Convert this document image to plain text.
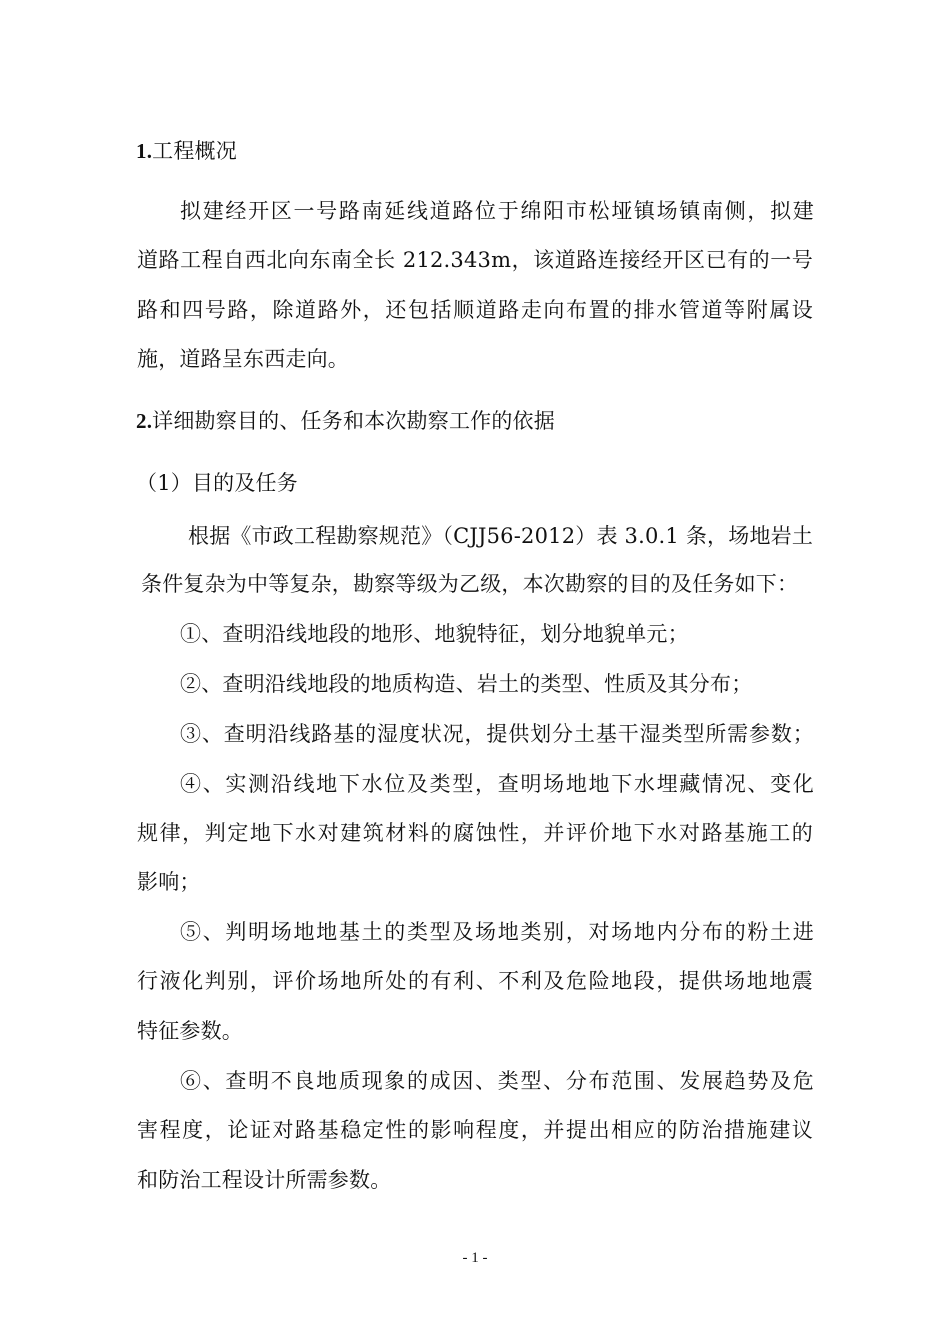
1.工程概况
拟建经开区一号路南延线道路位于绵阳市松垭镇场镇南侧，拟建
道路工程自西北向东南全长 212.343m，该道路连接经开区已有的一号
路和四号路，除道路外，还包括顺道路走向布置的排水管道等附属设
施，道路呈东西走向。
2.详细勘察目的、任务和本次勘察工作的依据
（1）目的及任务
根据《市政工程勘察规范》（CJJ56-2012）表 3.0.1 条，场地岩土
条件复杂为中等复杂，勘察等级为乙级，本次勘察的目的及任务如下：
①、查明沿线地段的地形、地貌特征，划分地貌单元；
②、查明沿线地段的地质构造、岩土的类型、性质及其分布；
③、查明沿线路基的湿度状况，提供划分土基干湿类型所需参数；
④、实测沿线地下水位及类型，查明场地地下水埋藏情况、变化
规律，判定地下水对建筑材料的腐蚀性，并评价地下水对路基施工的
影响；
⑤、判明场地地基土的类型及场地类别，对场地内分布的粉土进
行液化判别，评价场地所处的有利、不利及危险地段，提供场地地震
特征参数。
⑥、查明不良地质现象的成因、类型、分布范围、发展趋势及危
害程度，论证对路基稳定性的影响程度，并提出相应的防治措施建议
和防治工程设计所需参数。
- 1 -
